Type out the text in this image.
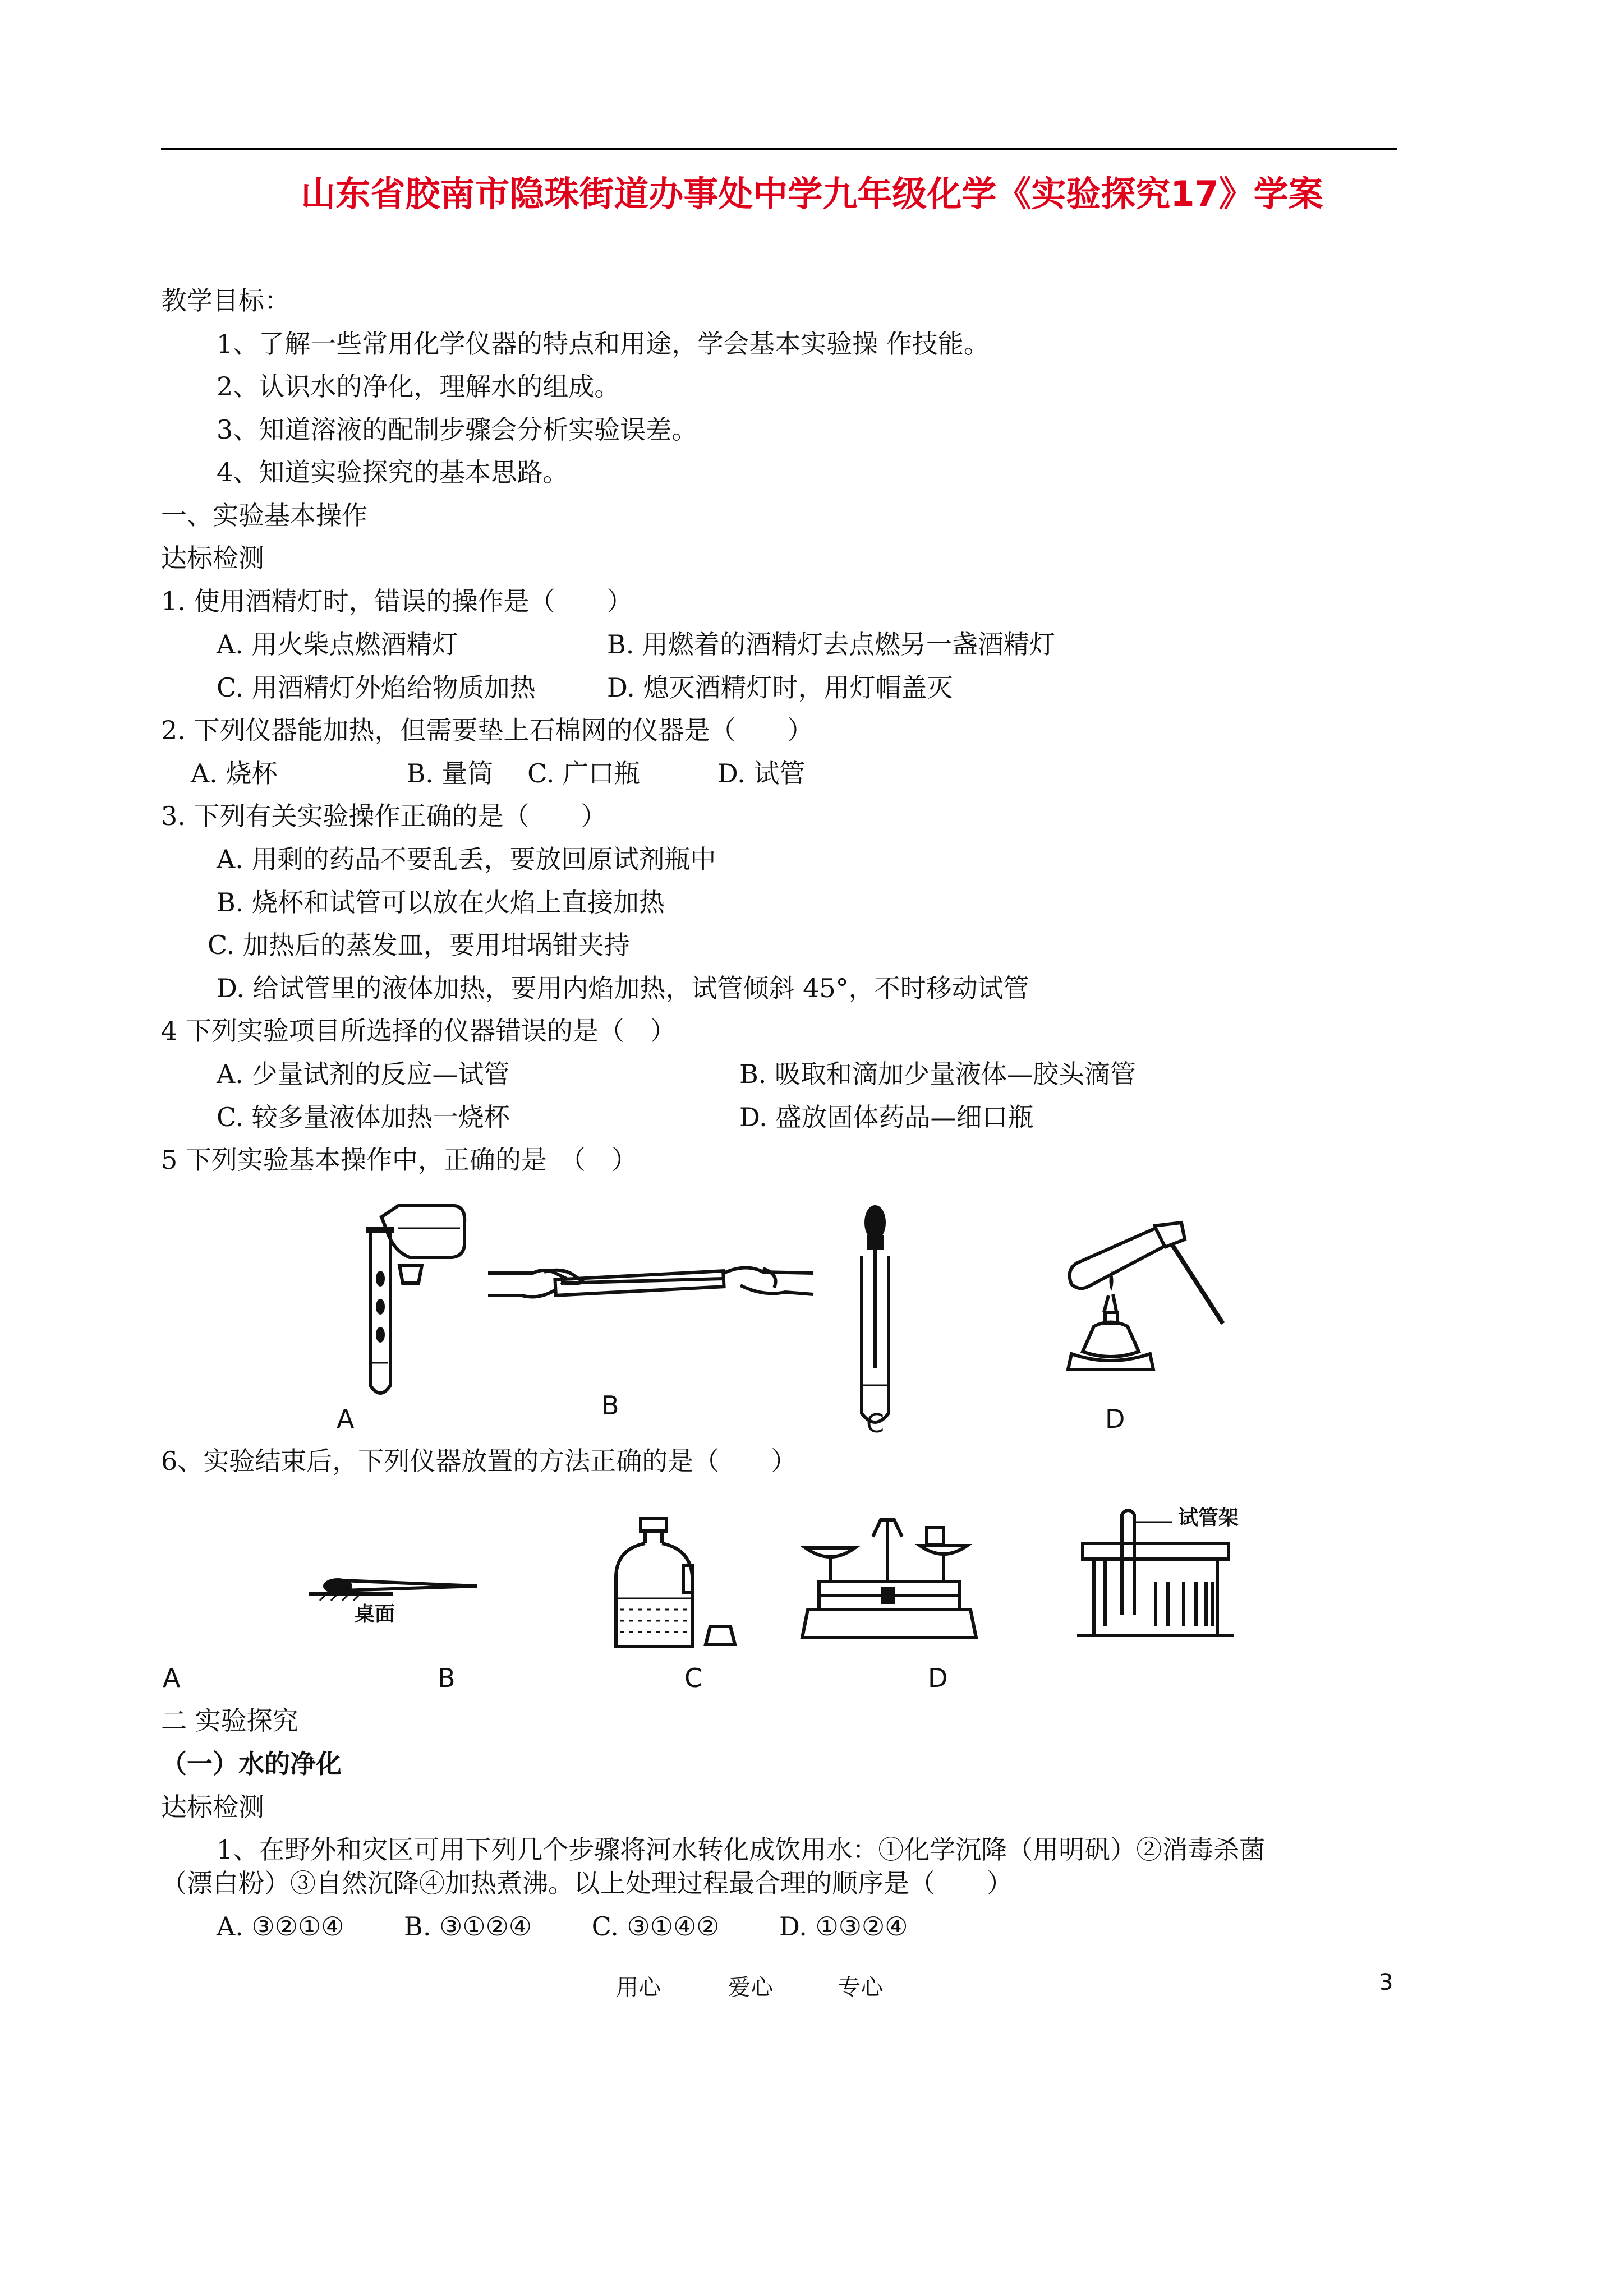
山东省胶南市隐珠街道办事处中学九年级化学《实验探究17》学案
教学目标：
1、了解一些常用化学仪器的特点和用途，学会基本实验操 作技能。
2、认识水的净化，理解水的组成。
3、知道溶液的配制步骤会分析实验误差。
4、知道实验探究的基本思路。
一、实验基本操作
达标检测
1. 使用酒精灯时，错误的操作是（　　）
A. 用火柴点燃酒精灯	B. 用燃着的酒精灯去点燃另一盏酒精灯
C. 用酒精灯外焰给物质加热	D. 熄灭酒精灯时，用灯帽盖灭
2. 下列仪器能加热，但需要垫上石棉网的仪器是（　　）
A. 烧杯　　　　　B. 量筒　 C. 广口瓶　　　D. 试管
3. 下列有关实验操作正确的是（　　）
A. 用剩的药品不要乱丢，要放回原试剂瓶中
B. 烧杯和试管可以放在火焰上直接加热
C. 加热后的蒸发皿，要用坩埚钳夹持
D. 给试管里的液体加热，要用内焰加热，试管倾斜 45°，不时移动试管
4 下列实验项目所选择的仪器错误的是（　）
A. 少量试剂的反应—试管	B. 吸取和滴加少量液体—胶头滴管
C. 较多量液体加热一烧杯	D. 盛放固体药品—细口瓶
5 下列实验基本操作中，正确的是　（　）
A	B
C	D
6、实验结束后，下列仪器放置的方法正确的是（　　）
桌面
试管架
A	B	C	D
二 实验探究
（一）水的净化
达标检测
1、在野外和灾区可用下列几个步骤将河水转化成饮用水：①化学沉降（用明矾）②消毒杀菌
（漂白粉）③自然沉降④加热煮沸。以上处理过程最合理的顺序是（　　）
A. ③②①④　　 B. ③①②④　　 C. ③①④②　　 D. ①③②④
用心	爱心	专心	3
